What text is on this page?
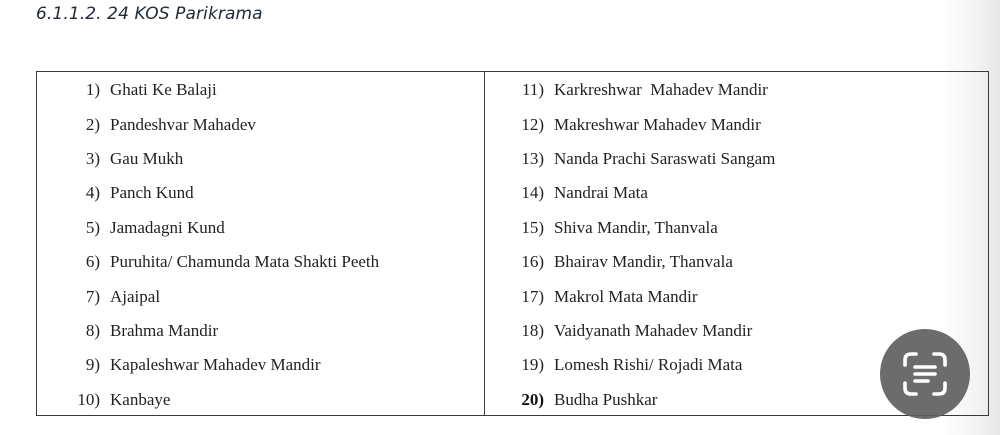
6.1.1.2. 24 KOS Parikrama
1) Ghati Ke Balaji
2) Pandeshvar Mahadev
3) Gau Mukh
4) Panch Kund
5) Jamadagni Kund
6) Puruhita/ Chamunda Mata Shakti Peeth
7) Ajaipal
8) Brahma Mandir
9) Kapaleshwar Mahadev Mandir
10) Kanbaye
11) Karkreshwar  Mahadev Mandir
12) Makreshwar Mahadev Mandir
13) Nanda Prachi Saraswati Sangam
14) Nandrai Mata
15) Shiva Mandir, Thanvala
16) Bhairav Mandir, Thanvala
17) Makrol Mata Mandir
18) Vaidyanath Mahadev Mandir
19) Lomesh Rishi/ Rojadi Mata
20) Budha Pushkar
